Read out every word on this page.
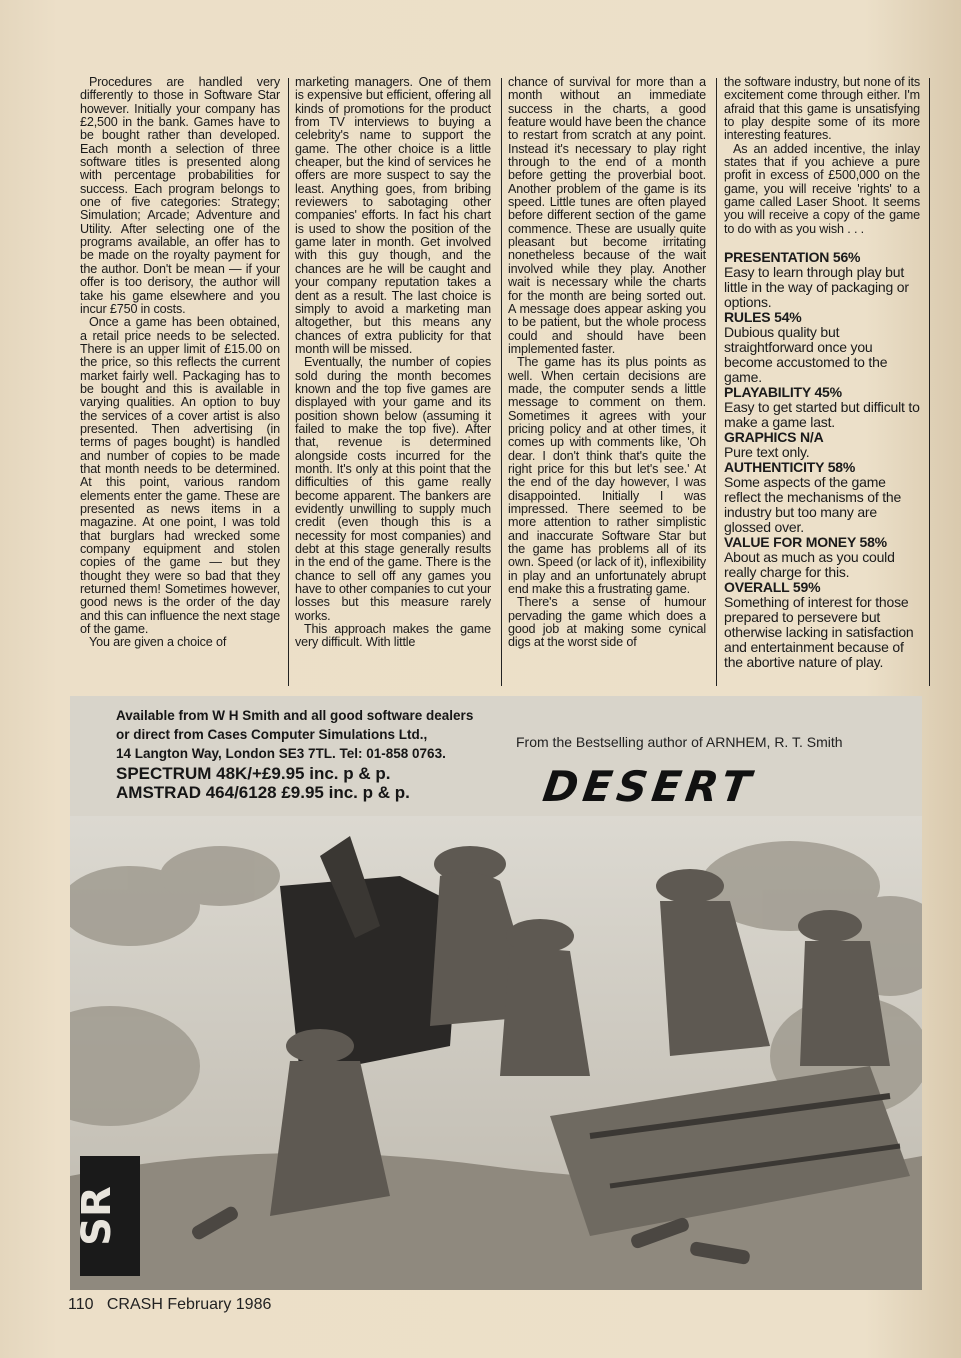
Procedures are handled very differently to those in Software Star however. Initially your company has £2,500 in the bank. Games have to be bought rather than developed. Each month a selection of three software titles is presented along with percentage probabilities for success. Each program belongs to one of five categories: Strategy; Simulation; Arcade; Adventure and Utility. After selecting one of the programs available, an offer has to be made on the royalty payment for the author. Don't be mean — if your offer is too derisory, the author will take his game elsewhere and you incur £750 in costs.

Once a game has been obtained, a retail price needs to be selected. There is an upper limit of £15.00 on the price, so this reflects the current market fairly well. Packaging has to be bought and this is available in varying qualities. An option to buy the services of a cover artist is also presented. Then advertising (in terms of pages bought) is handled and number of copies to be made that month needs to be determined. At this point, various random elements enter the game. These are presented as news items in a magazine. At one point, I was told that burglars had wrecked some company equipment and stolen copies of the game — but they thought they were so bad that they returned them! Sometimes however, good news is the order of the day and this can influence the next stage of the game.

You are given a choice of

marketing managers. One of them is expensive but efficient, offering all kinds of promotions for the product from TV interviews to buying a celebrity's name to support the game. The other choice is a little cheaper, but the kind of services he offers are more suspect to say the least. Anything goes, from bribing reviewers to sabotaging other companies' efforts. In fact his chart is used to show the position of the game later in month. Get involved with this guy though, and the chances are he will be caught and your company reputation takes a dent as a result. The last choice is simply to avoid a marketing man altogether, but this means any chances of extra publicity for that month will be missed.

Eventually, the number of copies sold during the month becomes known and the top five games are displayed with your game and its position shown below (assuming it failed to make the top five). After that, revenue is determined alongside costs incurred for the month. It's only at this point that the difficulties of this game really become apparent. The bankers are evidently unwilling to supply much credit (even though this is a necessity for most companies) and debt at this stage generally results in the end of the game. There is the chance to sell off any games you have to other companies to cut your losses but this measure rarely works.

This approach makes the game very difficult. With little

chance of survival for more than a month without an immediate success in the charts, a good feature would have been the chance to restart from scratch at any point. Instead it's necessary to play right through to the end of a month before getting the proverbial boot. Another problem of the game is its speed. Little tunes are often played before different section of the game commence. These are usually quite pleasant but become irritating nonetheless because of the wait involved while they play. Another wait is necessary while the charts for the month are being sorted out. A message does appear asking you to be patient, but the whole process could and should have been implemented faster.

The game has its plus points as well. When certain decisions are made, the computer sends a little message to comment on them. Sometimes it agrees with your pricing policy and at other times, it comes up with comments like, 'Oh dear. I don't think that's quite the right price for this but let's see.' At the end of the day however, I was disappointed. Initially I was impressed. There seemed to be more attention to rather simplistic and inaccurate Software Star but the game has problems all of its own. Speed (or lack of it), inflexibility in play and an unfortunately abrupt end make this a frustrating game.

There's a sense of humour pervading the game which does a good job at making some cynical digs at the worst side of

the software industry, but none of its excitement come through either. I'm afraid that this game is unsatisfying to play despite some of its more interesting features.

As an added incentive, the inlay states that if you achieve a pure profit in excess of £500,000 on the game, you will receive 'rights' to a game called Laser Shoot. It seems you will receive a copy of the game to do with as you wish . . .

PRESENTATION 56%
Easy to learn through play but little in the way of packaging or options.
RULES 54%
Dubious quality but straightforward once you become accustomed to the game.
PLAYABILITY 45%
Easy to get started but difficult to make a game last.
GRAPHICS N/A
Pure text only.
AUTHENTICITY 58%
Some aspects of the game reflect the mechanisms of the industry but too many are glossed over.
VALUE FOR MONEY 58%
About as much as you could really charge for this.
OVERALL 59%
Something of interest for those prepared to persevere but otherwise lacking in satisfaction and entertainment because of the abortive nature of play.
Available from W H Smith and all good software dealers
or direct from Cases Computer Simulations Ltd.,
14 Langton Way, London SE3 7TL. Tel: 01-858 0763.
SPECTRUM 48K/+£9.95 inc. p & p.
AMSTRAD 464/6128 £9.95 inc. p & p.
From the Bestselling author of ARNHEM, R. T. Smith
DESERT
SR
110 CRASH February 1986
